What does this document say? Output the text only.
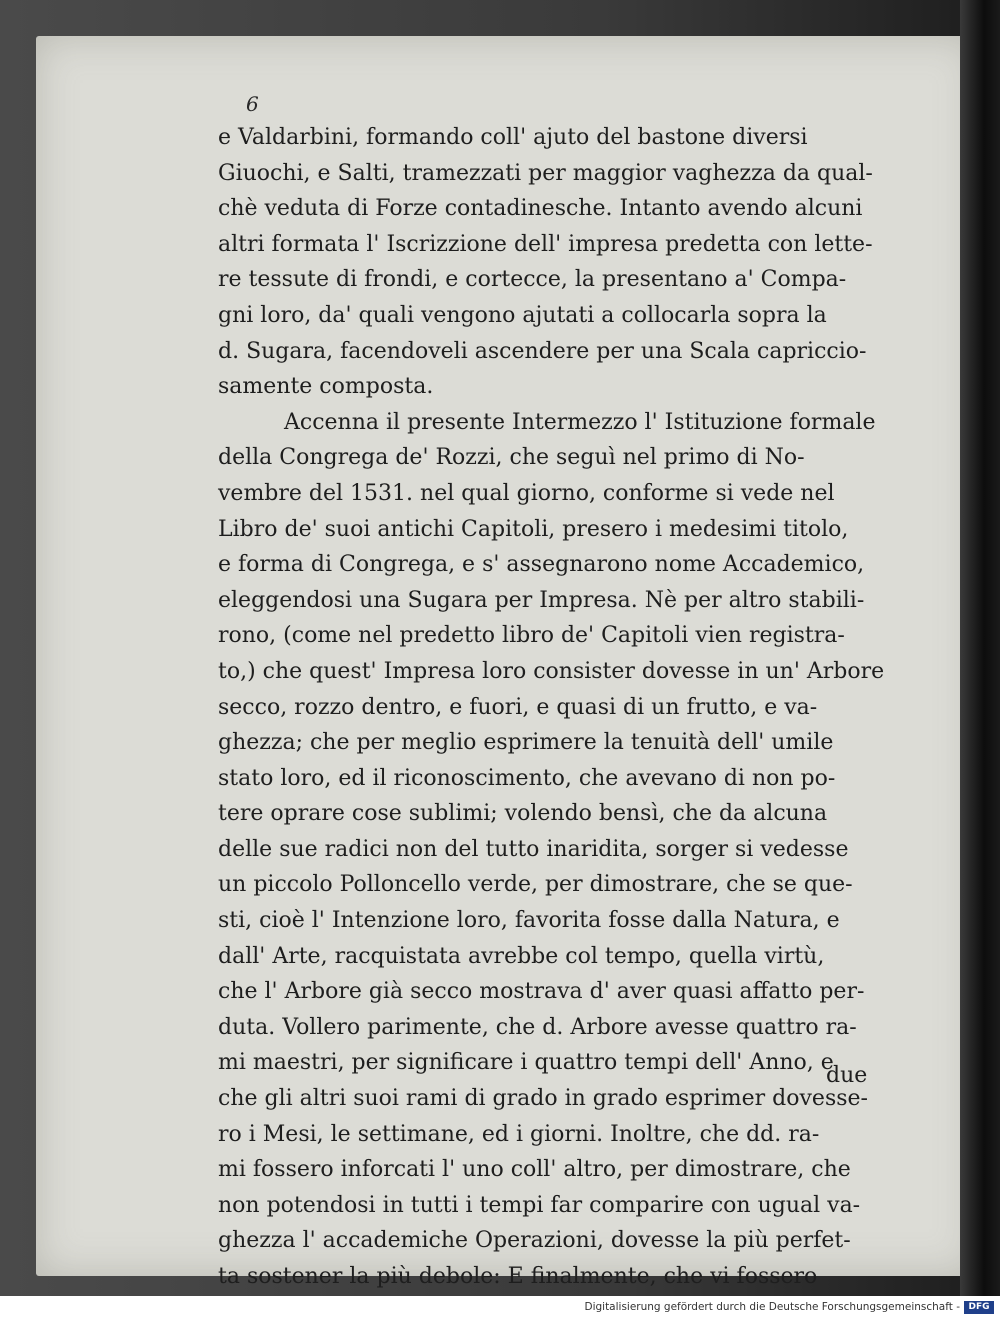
6
e Valdarbini, formando coll' ajuto del bastone diversi
Giuochi, e Salti, tramezzati per maggior vaghezza da qual-
chè veduta di Forze contadinesche. Intanto avendo alcuni
altri formata l' Iscrizzione dell' impresa predetta con lette-
re tessute di frondi, e cortecce, la presentano a' Compa-
gni loro, da' quali vengono ajutati a collocarla sopra la
d. Sugara, facendoveli ascendere per una Scala capriccio-
samente composta.
Accenna il presente Intermezzo l' Istituzione formale
della Congrega de' Rozzi, che seguì nel primo di No-
vembre del 1531. nel qual giorno, conforme si vede nel
Libro de' suoi antichi Capitoli, presero i medesimi titolo,
e forma di Congrega, e s' assegnarono nome Accademico,
eleggendosi una Sugara per Impresa. Nè per altro stabili-
rono, (come nel predetto libro de' Capitoli vien registra-
to,) che quest' Impresa loro consister dovesse in un' Arbore
secco, rozzo dentro, e fuori, e quasi di un frutto, e va-
ghezza; che per meglio esprimere la tenuità dell' umile
stato loro, ed il riconoscimento, che avevano di non po-
tere oprare cose sublimi; volendo bensì, che da alcuna
delle sue radici non del tutto inaridita, sorger si vedesse
un piccolo Polloncello verde, per dimostrare, che se que-
sti, cioè l' Intenzione loro, favorita fosse dalla Natura, e
dall' Arte, racquistata avrebbe col tempo, quella virtù,
che l' Arbore già secco mostrava d' aver quasi affatto per-
duta. Vollero parimente, che d. Arbore avesse quattro ra-
mi maestri, per significare i quattro tempi dell' Anno, e
che gli altri suoi rami di grado in grado esprimer dovesse-
ro i Mesi, le settimane, ed i giorni. Inoltre, che dd. ra-
mi fossero inforcati l' uno coll' altro, per dimostrare, che
non potendosi in tutti i tempi far comparire con ugual va-
ghezza l' accademiche Operazioni, dovesse la più perfet-
ta sostener la più debole: E finalmente, che vi fossero
due
Digitalisierung gefördert durch die Deutsche Forschungsgemeinschaft - DFG
